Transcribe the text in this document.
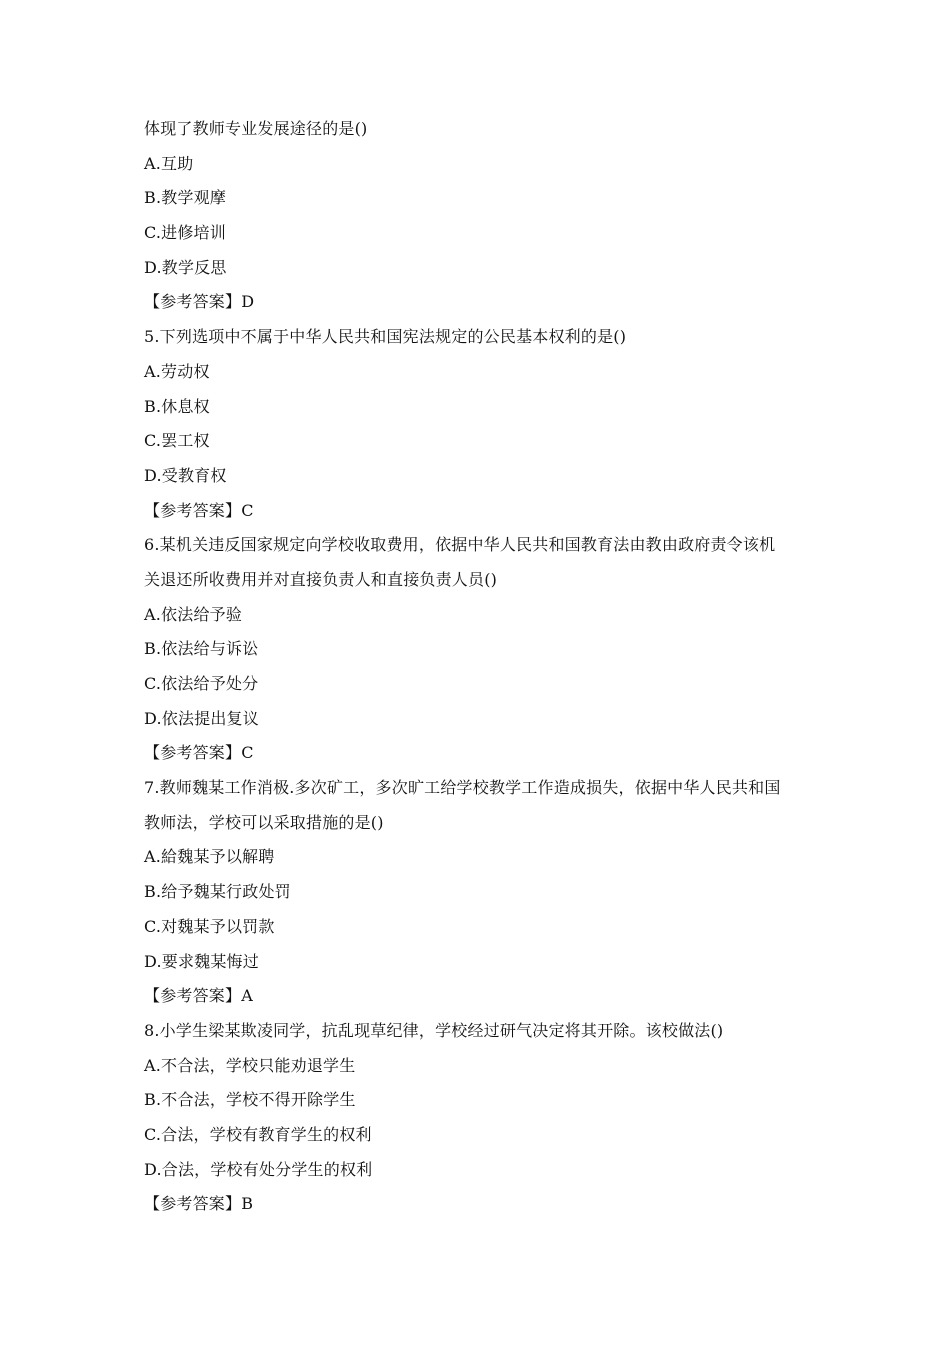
体现了教师专业发展途径的是()
A.互助
B.教学观摩
C.进修培训
D.教学反思
【参考答案】D
5.下列选项中不属于中华人民共和国宪法规定的公民基本权利的是()
A.劳动权
B.休息权
C.罢工权
D.受教育权
【参考答案】C
6.某机关违反国家规定向学校收取费用，依据中华人民共和国教育法由教由政府责令该机
关退还所收费用并对直接负责人和直接负责人员()
A.依法给予验
B.依法给与诉讼
C.依法给予处分
D.依法提出复议
【参考答案】C
7.教师魏某工作消极.多次矿工，多次旷工给学校教学工作造成损失，依据中华人民共和国
教师法，学校可以采取措施的是()
A.給魏某予以解聘
B.给予魏某行政处罚
C.对魏某予以罚款
D.要求魏某悔过
【参考答案】A
8.小学生梁某欺凌同学，抗乱现草纪律，学校经过研气决定将其开除。该校做法()
A.不合法，学校只能劝退学生
B.不合法，学校不得开除学生
C.合法，学校有教育学生的权利
D.合法，学校有处分学生的权利
【参考答案】B
